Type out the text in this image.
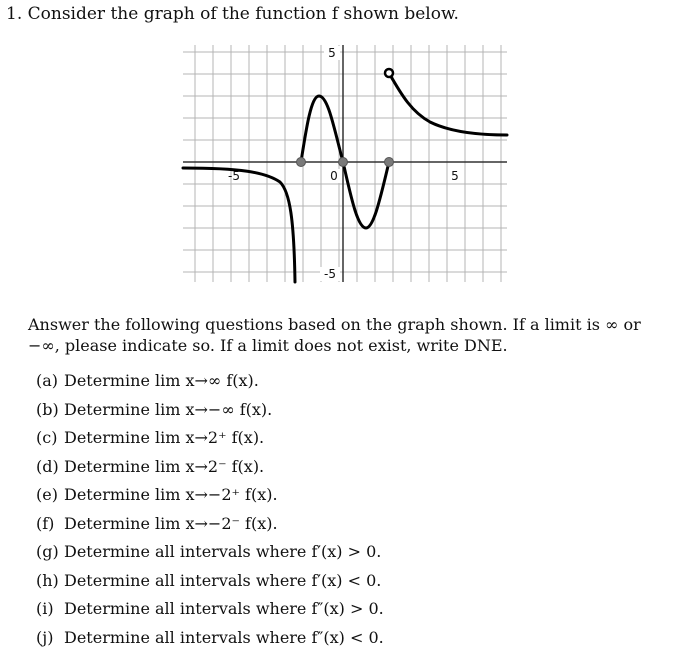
1. Consider the graph of the function f shown below.
5
-5
-5	0	5
Answer the following questions based on the graph shown. If a limit is ∞ or −∞, please indicate so. If a limit does not exist, write DNE.
(a) Determine lim x→∞ f(x).
(b) Determine lim x→−∞ f(x).
(c) Determine lim x→2⁺ f(x).
(d) Determine lim x→2⁻ f(x).
(e) Determine lim x→−2⁺ f(x).
(f) Determine lim x→−2⁻ f(x).
(g) Determine all intervals where f′(x) > 0.
(h) Determine all intervals where f′(x) < 0.
(i) Determine all intervals where f″(x) > 0.
(j) Determine all intervals where f″(x) < 0.
